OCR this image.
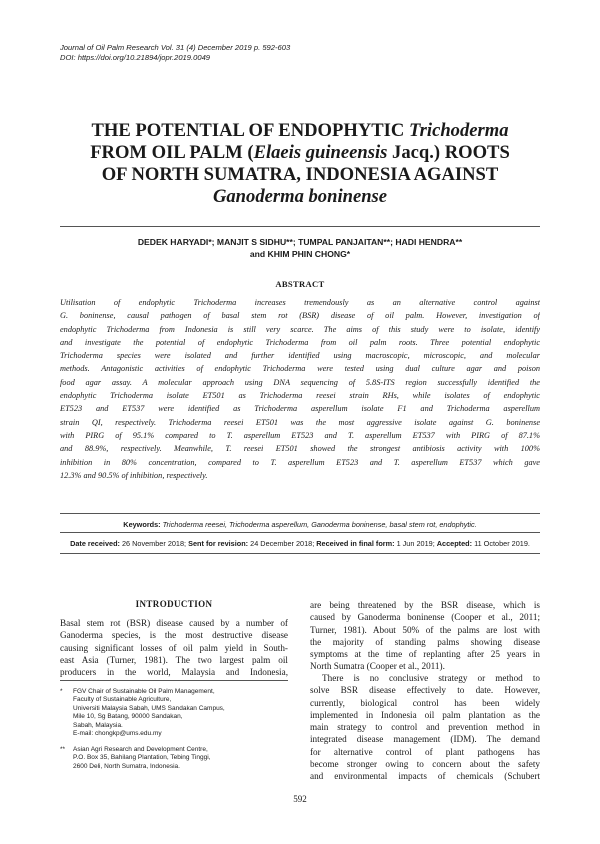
Journal of Oil Palm Research Vol. 31 (4) December 2019 p. 592-603
DOI: https://doi.org/10.21894/jopr.2019.0049
THE POTENTIAL OF ENDOPHYTIC Trichoderma
FROM OIL PALM (Elaeis guineensis Jacq.) ROOTS
OF NORTH SUMATRA, INDONESIA AGAINST
Ganoderma boninense
DEDEK HARYADI*; MANJIT S SIDHU**; TUMPAL PANJAITAN**; HADI HENDRA**
and KHIM PHIN CHONG*
ABSTRACT
Utilisation of endophytic Trichoderma increases tremendously as an alternative control against
G. boninense, causal pathogen of basal stem rot (BSR) disease of oil palm. However, investigation of
endophytic Trichoderma from Indonesia is still very scarce. The aims of this study were to isolate, identify
and investigate the potential of endophytic Trichoderma from oil palm roots. Three potential endophytic
Trichoderma species were isolated and further identified using macroscopic, microscopic, and molecular
methods. Antagonistic activities of endophytic Trichoderma were tested using dual culture agar and poison
food agar assay. A molecular approach using DNA sequencing of 5.8S-ITS region successfully identified the
endophytic Trichoderma isolate ET501 as Trichoderma reesei strain RHs, while isolates of endophytic
ET523 and ET537 were identified as Trichoderma asperellum isolate F1 and Trichoderma asperellum
strain QI, respectively. Trichoderma reesei ET501 was the most aggressive isolate against G. boninense
with PIRG of 95.1% compared to T. asperellum ET523 and T. asperellum ET537 with PIRG of 87.1%
and 88.9%, respectively. Meanwhile, T. reesei ET501 showed the strongest antibiosis activity with 100%
inhibition in 80% concentration, compared to T. asperellum ET523 and T. asperellum ET537 which gave
12.3% and 90.5% of inhibition, respectively.
Keywords: Trichoderma reesei, Trichoderma asperellum, Ganoderma boninense, basal stem rot, endophytic.
Date received: 26 November 2018; Sent for revision: 24 December 2018; Received in final form: 1 Jun 2019; Accepted: 11 October 2019.
INTRODUCTION
Basal stem rot (BSR) disease caused by a number of
Ganoderma species, is the most destructive disease
causing significant losses of oil palm yield in South-
east Asia (Turner, 1981). The two largest palm oil
producers in the world, Malaysia and Indonesia,
* FGV Chair of Sustainable Oil Palm Management,
Faculty of Sustainable Agriculture,
Universiti Malaysia Sabah, UMS Sandakan Campus,
Mile 10, Sg Batang, 90000 Sandakan,
Sabah, Malaysia.
E-mail: chongkp@ums.edu.my
** Asian Agri Research and Development Centre,
P.O. Box 35, Bahilang Plantation, Tebing Tinggi,
2600 Deli, North Sumatra, Indonesia.
are being threatened by the BSR disease, which is
caused by Ganoderma boninense (Cooper et al., 2011;
Turner, 1981). About 50% of the palms are lost with
the majority of standing palms showing disease
symptoms at the time of replanting after 25 years in
North Sumatra (Cooper et al., 2011).
There is no conclusive strategy or method to
solve BSR disease effectively to date. However,
currently, biological control has been widely
implemented in Indonesia oil palm plantation as the
main strategy to control and prevention method in
integrated disease management (IDM). The demand
for alternative control of plant pathogens has
become stronger owing to concern about the safety
and environmental impacts of chemicals (Schubert
592
